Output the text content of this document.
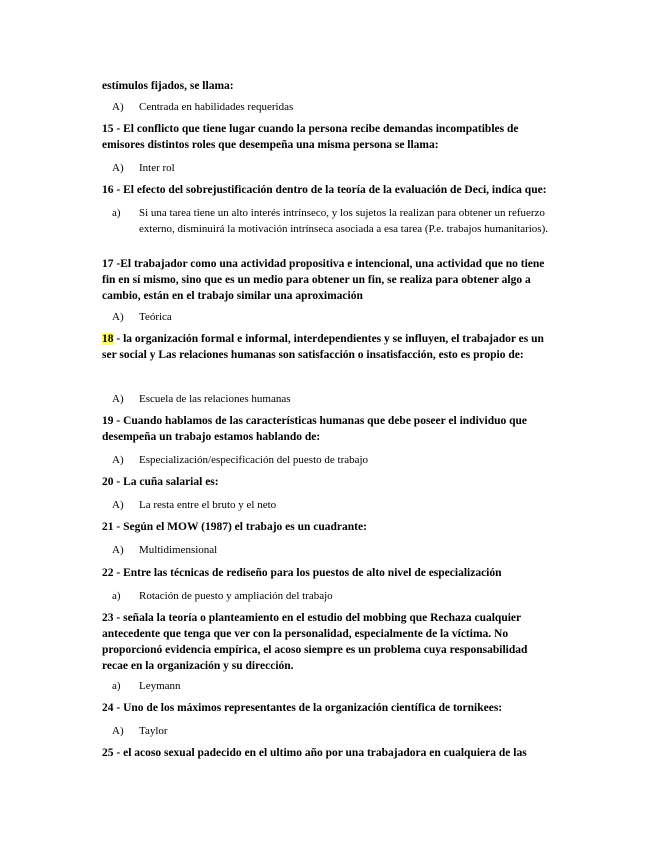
estímulos fijados, se llama:

A) Centrada en habilidades requeridas

15 - El conflicto que tiene lugar cuando la persona recibe demandas incompatibles de emisores distintos roles que desempeña una misma persona se llama:

A) Inter rol

16 - El efecto del sobrejustificación dentro de la teoría de la evaluación de Deci, indica que:

a) Si una tarea tiene un alto interés intrínseco, y los sujetos la realizan para obtener un refuerzo externo, disminuirá la motivación intrínseca asociada a esa tarea (P.e. trabajos humanitarios).

17 -El trabajador como una actividad propositiva e intencional, una actividad que no tiene fin en sí mismo, sino que es un medio para obtener un fin, se realiza para obtener algo a cambio, están en el trabajo similar una aproximación

A) Teórica

18 - la organización formal e informal, interdependientes y se influyen, el trabajador es un ser social y Las relaciones humanas son satisfacción o insatisfacción, esto es propio de:

A) Escuela de las relaciones humanas

19 - Cuando hablamos de las características humanas que debe poseer el individuo que desempeña un trabajo estamos hablando de:

A) Especialización/especificación del puesto de trabajo

20 - La cuña salarial es:

A) La resta entre el bruto y el neto

21 - Según el MOW (1987) el trabajo es un cuadrante:

A) Multidimensional

22 - Entre las técnicas de rediseño para los puestos de alto nivel de especialización

a) Rotación de puesto y ampliación del trabajo

23 - señala la teoría o planteamiento en el estudio del mobbing que Rechaza cualquier antecedente que tenga que ver con la personalidad, especialmente de la víctima. No proporcionó evidencia empírica, el acoso siempre es un problema cuya responsabilidad recae en la organización y su dirección.

a) Leymann

24 - Uno de los máximos representantes de la organización científica de tornikees:

A) Taylor

25 - el acoso sexual padecido en el ultimo año por una trabajadora en cualquiera de las
